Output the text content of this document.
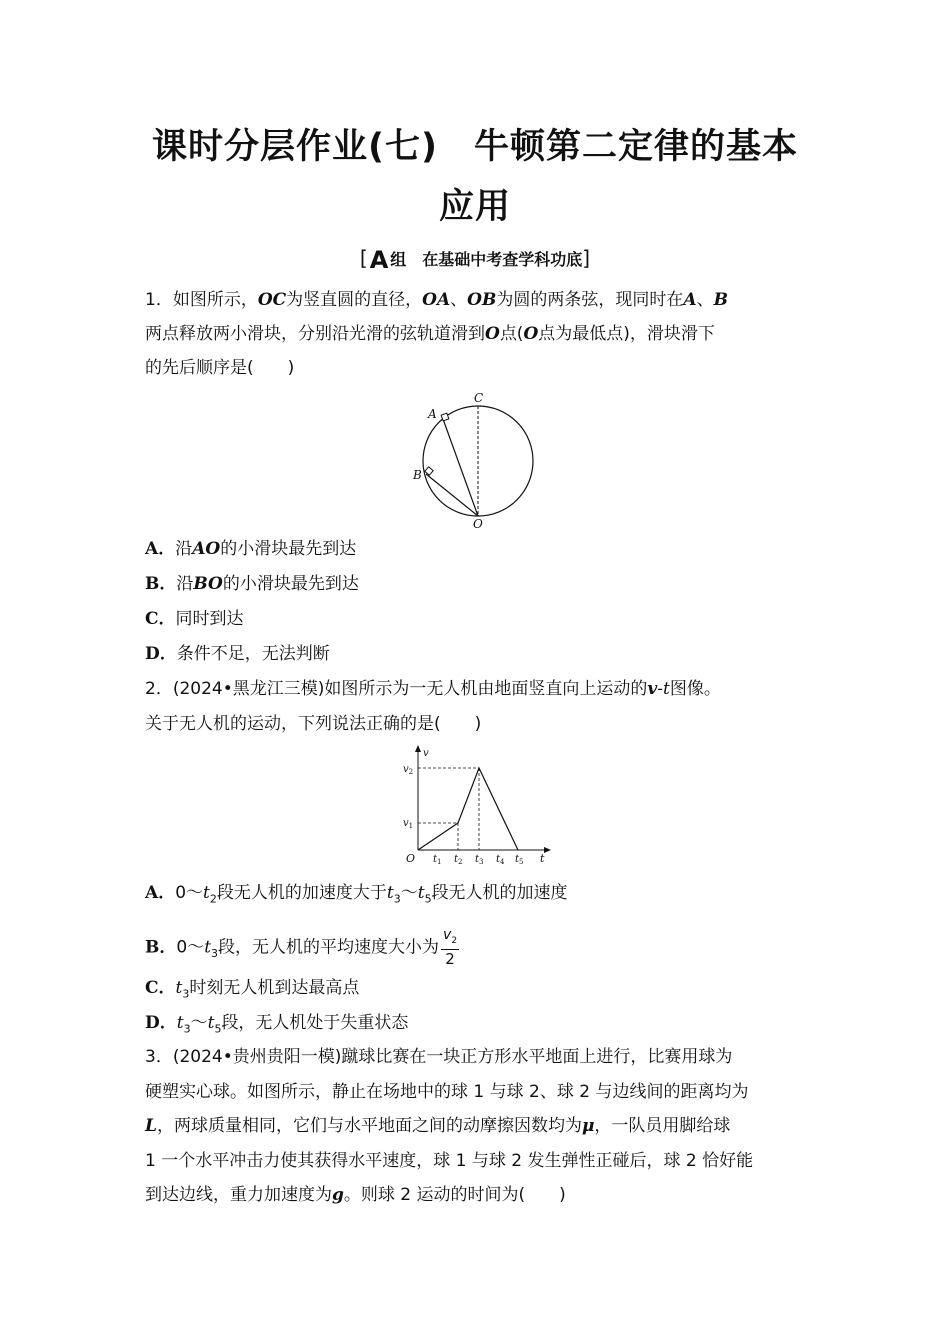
课时分层作业(七)　牛顿第二定律的基本
应用
[A 组　在基础中考查学科功底]
1．如图所示，OC为竖直圆的直径，OA、OB为圆的两条弦，现同时在A、B
两点释放两小滑块，分别沿光滑的弦轨道滑到O点(O点为最低点)，滑块滑下
的先后顺序是(　　)
A
B
C
O
A．沿AO的小滑块最先到达
B．沿BO的小滑块最先到达
C．同时到达
D．条件不足，无法判断
2．(2024•黑龙江三模)如图所示为一无人机由地面竖直向上运动的v-t图像。
关于无人机的运动，下列说法正确的是(　　)
v
$v_2$
$v_1$
O $t_1$ $t_2$ $t_3$ $t_4$ $t_5$ t
A．$0\sim t_2$段无人机的加速度大于$t_3\sim t_5$段无人机的加速度
B．$0\sim t_3$段，无人机的平均速度大小为 $\frac{v_2}{2}$
C．$t_3$时刻无人机到达最高点
D．$t_3\sim t_5$段，无人机处于失重状态
3．(2024•贵州贵阳一模)蹴球比赛在一块正方形水平地面上进行，比赛用球为
硬塑实心球。如图所示，静止在场地中的球 1 与球 2、球 2 与边线间的距离均为
L，两球质量相同，它们与水平地面之间的动摩擦因数均为μ，一队员用脚给球
1 一个水平冲击力使其获得水平速度，球 1 与球 2 发生弹性正碰后，球 2 恰好能
到达边线，重力加速度为g。则球 2 运动的时间为(　　)
